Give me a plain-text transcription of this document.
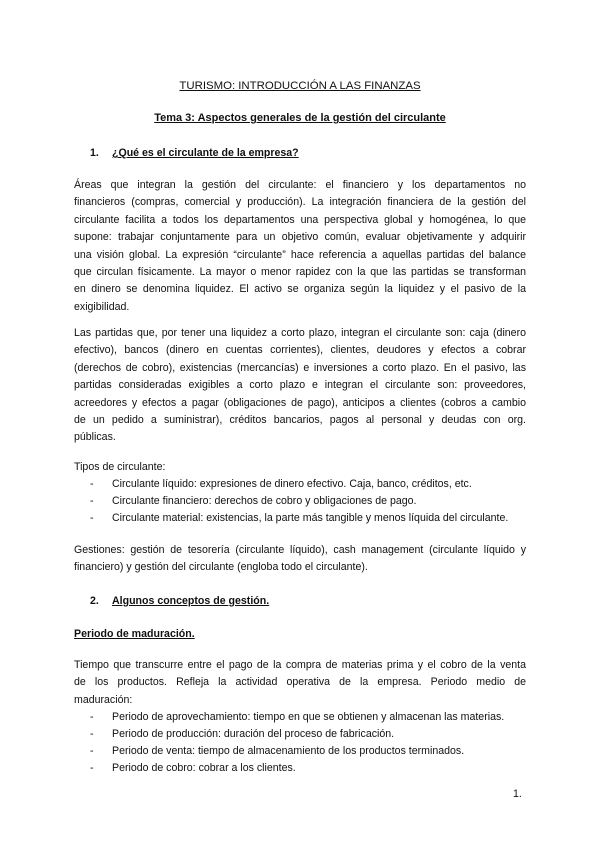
TURISMO: INTRODUCCIÓN A LAS FINANZAS
Tema 3: Aspectos generales de la gestión del circulante
1. ¿Qué es el circulante de la empresa?
Áreas que integran la gestión del circulante: el financiero y los departamentos no
financieros (compras, comercial y producción). La integración financiera de la gestión del
circulante facilita a todos los departamentos una perspectiva global y homogénea, lo que
supone: trabajar conjuntamente para un objetivo común, evaluar objetivamente y adquirir
una visión global. La expresión “circulante” hace referencia a aquellas partidas del balance
que circulan físicamente. La mayor o menor rapidez con la que las partidas se transforman
en dinero se denomina liquidez. El activo se organiza según la liquidez y el pasivo de la
exigibilidad.
Las partidas que, por tener una liquidez a corto plazo, integran el circulante son: caja (dinero
efectivo), bancos (dinero en cuentas corrientes), clientes, deudores y efectos a cobrar
(derechos de cobro), existencias (mercancías) e inversiones a corto plazo. En el pasivo, las
partidas consideradas exigibles a corto plazo e integran el circulante son: proveedores,
acreedores y efectos a pagar (obligaciones de pago), anticipos a clientes (cobros a cambio
de un pedido a suministrar), créditos bancarios, pagos al personal y deudas con org.
públicas.
Tipos de circulante:
- Circulante líquido: expresiones de dinero efectivo. Caja, banco, créditos, etc.
- Circulante financiero: derechos de cobro y obligaciones de pago.
- Circulante material: existencias, la parte más tangible y menos líquida del circulante.
Gestiones: gestión de tesorería (circulante líquido), cash management (circulante líquido y
financiero) y gestión del circulante (engloba todo el circulante).
2. Algunos conceptos de gestión.
Periodo de maduración.
Tiempo que transcurre entre el pago de la compra de materias prima y el cobro de la venta
de los productos. Refleja la actividad operativa de la empresa. Periodo medio de
maduración:
- Periodo de aprovechamiento: tiempo en que se obtienen y almacenan las materias.
- Periodo de producción: duración del proceso de fabricación.
- Periodo de venta: tiempo de almacenamiento de los productos terminados.
- Periodo de cobro: cobrar a los clientes.
1.
